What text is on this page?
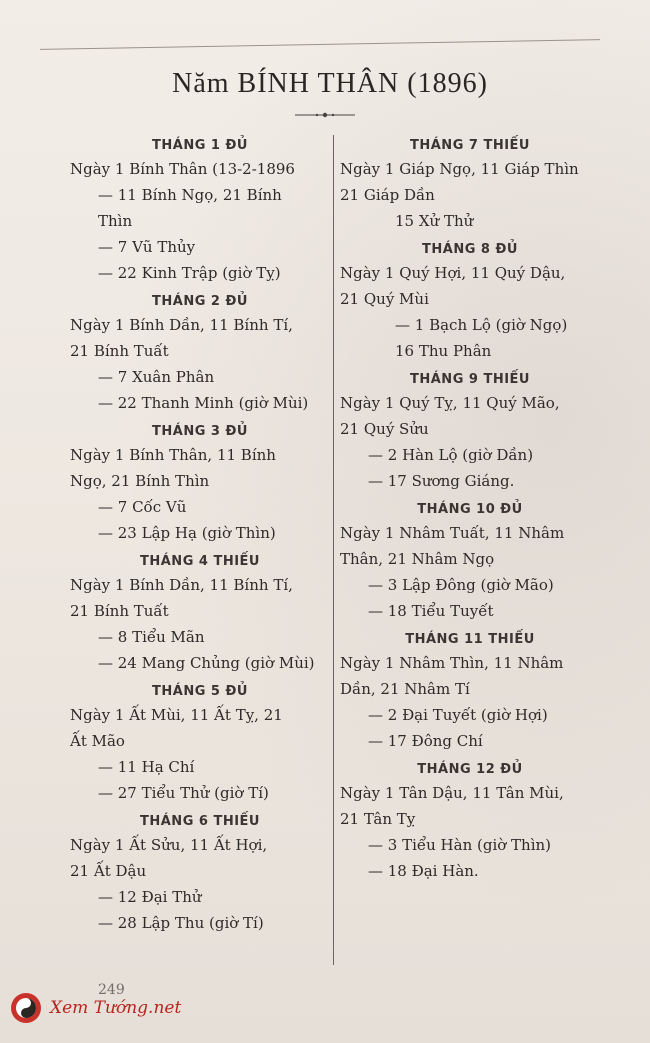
Năm BÍNH THÂN (1896)
THÁNG 1 ĐỦ
Ngày 1 Bính Thân (13-2-1896
— 11 Bính Ngọ, 21 Bính
Thìn
— 7 Vũ Thủy
— 22 Kinh Trập (giờ Tỵ)
THÁNG 2 ĐỦ
Ngày 1 Bính Dần, 11 Bính Tí,
21 Bính Tuất
— 7 Xuân Phân
— 22 Thanh Minh (giờ Mùi)
THÁNG 3 ĐỦ
Ngày 1 Bính Thân, 11 Bính
Ngọ, 21 Bính Thìn
— 7 Cốc Vũ
— 23 Lập Hạ (giờ Thìn)
THÁNG 4 THIẾU
Ngày 1 Bính Dần, 11 Bính Tí,
21 Bính Tuất
— 8 Tiểu Mãn
— 24 Mang Chủng (giờ Mùi)
THÁNG 5 ĐỦ
Ngày 1 Ất Mùi, 11 Ất Tỵ, 21
Ất Mão
— 11 Hạ Chí
— 27 Tiểu Thử (giờ Tí)
THÁNG 6 THIẾU
Ngày 1 Ất Sửu, 11 Ất Hợi,
21 Ất Dậu
— 12 Đại Thử
— 28 Lập Thu (giờ Tí)
THÁNG 7 THIẾU
Ngày 1 Giáp Ngọ, 11 Giáp Thìn
21 Giáp Dần
15 Xử Thử
THÁNG 8 ĐỦ
Ngày 1 Quý Hợi, 11 Quý Dậu,
21 Quý Mùi
— 1 Bạch Lộ (giờ Ngọ)
16 Thu Phân
THÁNG 9 THIẾU
Ngày 1 Quý Tỵ, 11 Quý Mão,
21 Quý Sửu
— 2 Hàn Lộ (giờ Dần)
— 17 Sương Giáng.
THÁNG 10 ĐỦ
Ngày 1 Nhâm Tuất, 11 Nhâm
Thân, 21 Nhâm Ngọ
— 3 Lập Đông (giờ Mão)
— 18 Tiểu Tuyết
THÁNG 11 THIẾU
Ngày 1 Nhâm Thìn, 11 Nhâm
Dần, 21 Nhâm Tí
— 2 Đại Tuyết (giờ Hợi)
— 17 Đông Chí
THÁNG 12 ĐỦ
Ngày 1 Tân Dậu, 11 Tân Mùi,
21 Tân Tỵ
— 3 Tiểu Hàn (giờ Thìn)
— 18 Đại Hàn.
249
Xem Tướng.net
